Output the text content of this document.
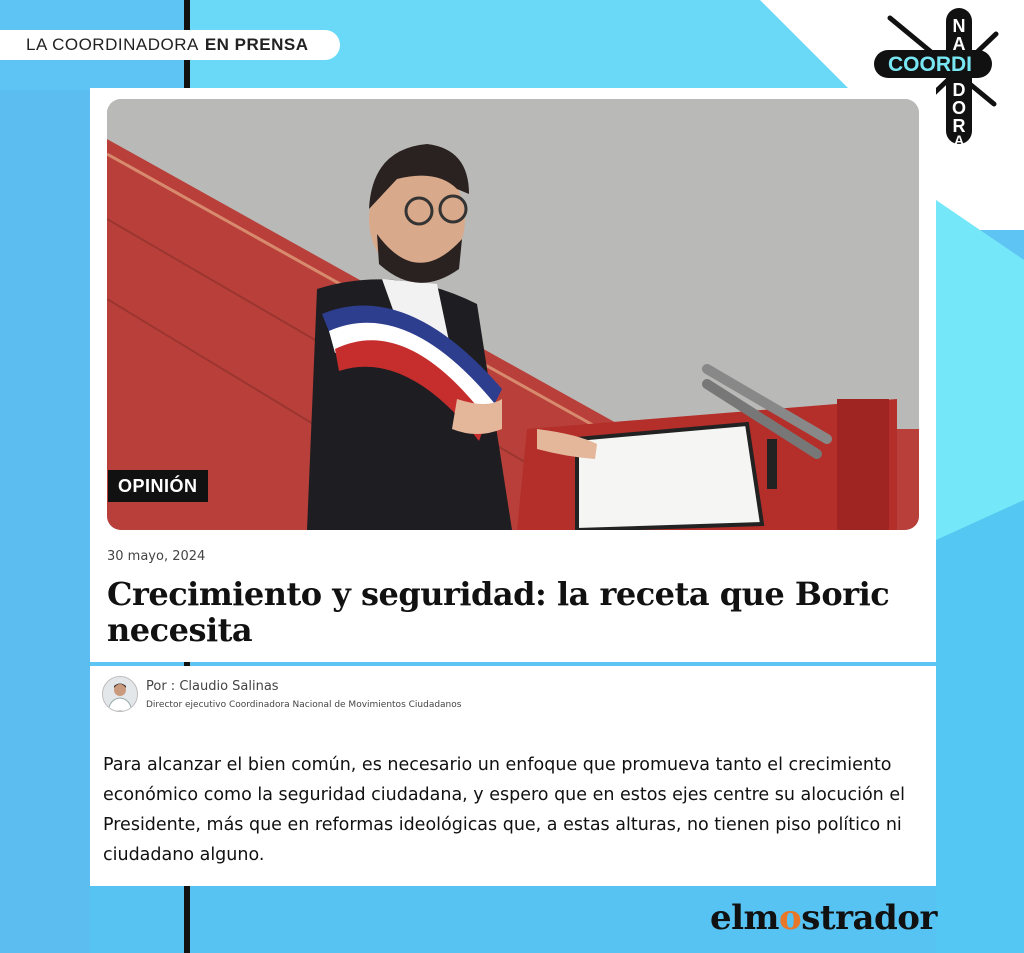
LA COORDINADORA EN PRENSA
COORDI
N
A
D
O
R
A
OPINIÓN
30 mayo, 2024
Crecimiento y seguridad: la receta que Boric necesita
Por : Claudio Salinas
Director ejecutivo Coordinadora Nacional de Movimientos Ciudadanos

Para alcanzar el bien común, es necesario un enfoque que promueva tanto el crecimiento económico como la seguridad ciudadana, y espero que en estos ejes centre su alocución el Presidente, más que en reformas ideológicas que, a estas alturas, no tienen piso político ni ciudadano alguno.

elmostrador
